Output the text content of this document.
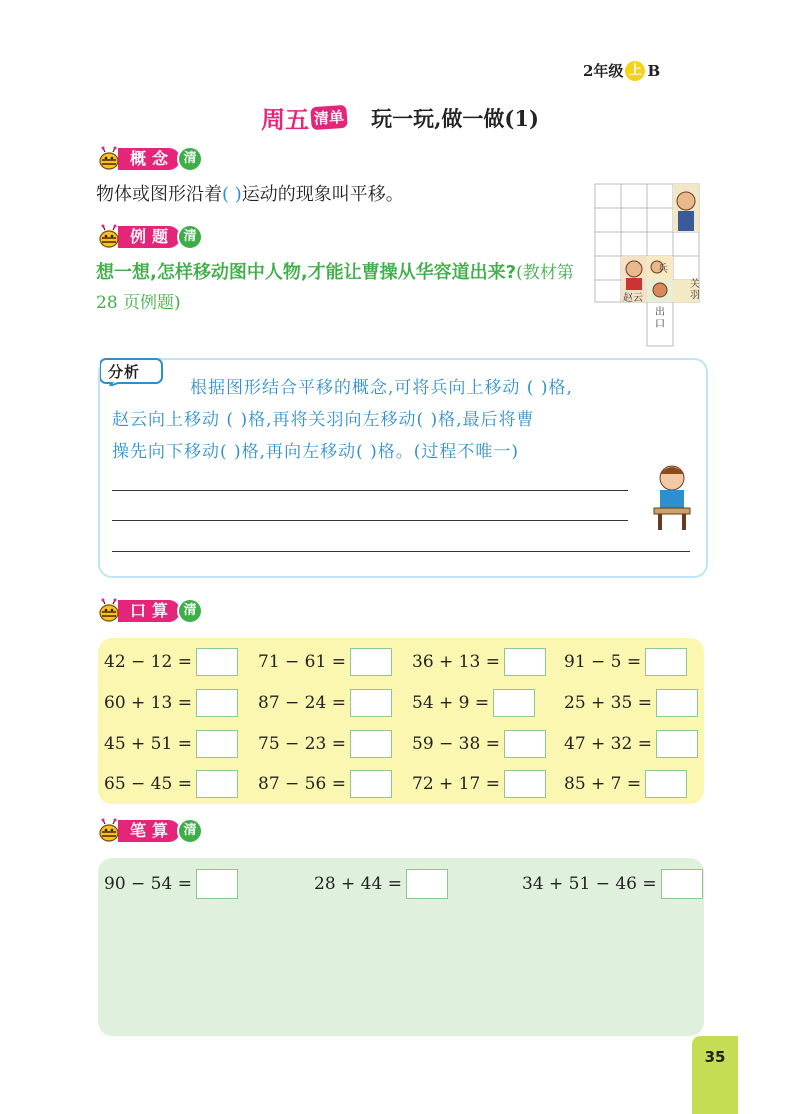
2年级 上 B
周五 清单 玩一玩,做一做(1)
概念 清
物体或图形沿着( )运动的现象叫平移。
例题 清
想一想,怎样移动图中人物,才能让曹操从华容道出来?(教材第 28 页例题)
兵
赵云
关羽
出口
分析
根据图形结合平移的概念,可将兵向上移动 ( )格,
赵云向上移动 ( )格,再将关羽向左移动( )格,最后将曹
操先向下移动( )格,再向左移动( )格。(过程不唯一)
口算 清
42 − 12 =	71 − 61 =	36 + 13 =	91 − 5 =
60 + 13 =	87 − 24 =	54 + 9 =	25 + 35 =
45 + 51 =	75 − 23 =	59 − 38 =	47 + 32 =
65 − 45 =	87 − 56 =	72 + 17 =	85 + 7 =
笔算 清
90 − 54 =	28 + 44 =	34 + 51 − 46 =
35
